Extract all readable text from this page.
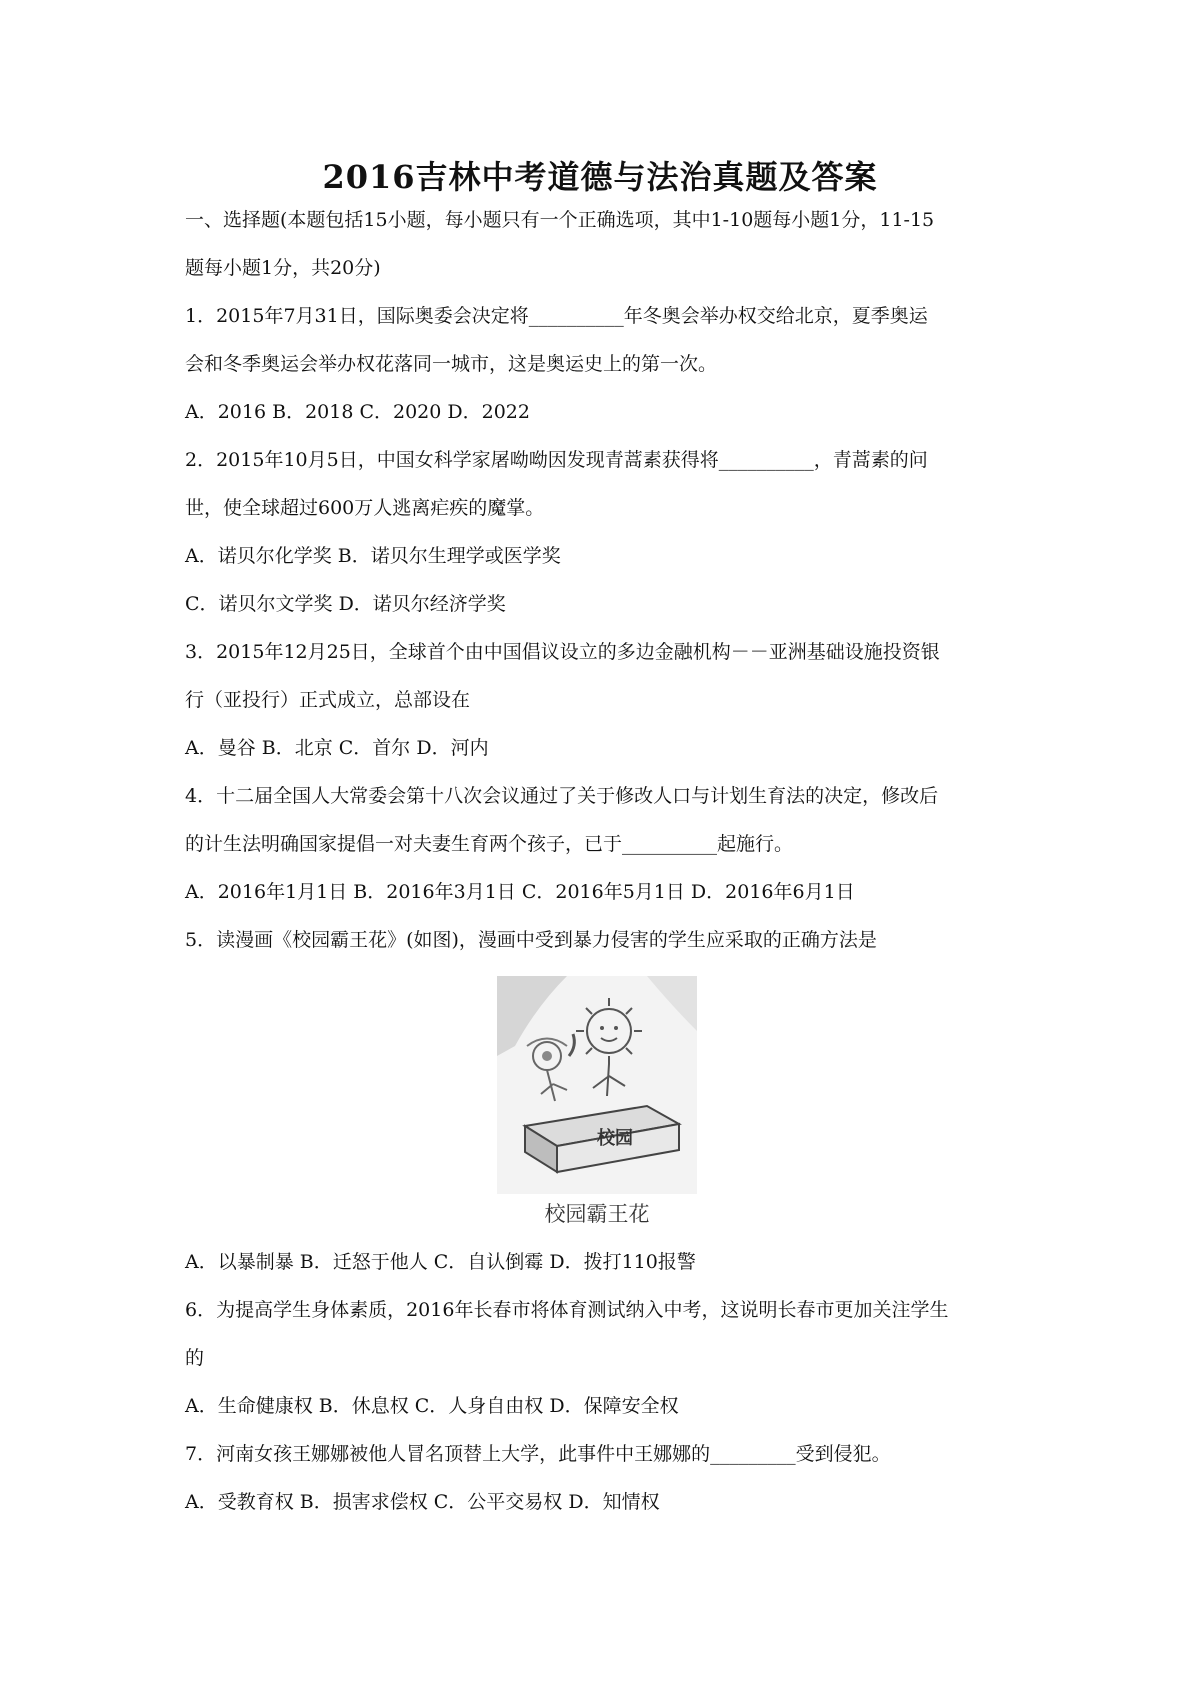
2016吉林中考道德与法治真题及答案

一、选择题(本题包括15小题，每小题只有一个正确选项，其中1-10题每小题1分，11-15

题每小题1分，共20分)

1．2015年7月31日，国际奥委会决定将__________年冬奥会举办权交给北京，夏季奥运

会和冬季奥运会举办权花落同一城市，这是奥运史上的第一次。

A．2016 B．2018 C．2020 D．2022

2．2015年10月5日，中国女科学家屠呦呦因发现青蒿素获得将__________，青蒿素的问

世，使全球超过600万人逃离疟疾的魔掌。

A．诺贝尔化学奖 B．诺贝尔生理学或医学奖

C．诺贝尔文学奖 D．诺贝尔经济学奖

3．2015年12月25日，全球首个由中国倡议设立的多边金融机构－－亚洲基础设施投资银

行（亚投行）正式成立，总部设在

A．曼谷 B．北京 C．首尔 D．河内

4．十二届全国人大常委会第十八次会议通过了关于修改人口与计划生育法的决定，修改后

的计生法明确国家提倡一对夫妻生育两个孩子，已于__________起施行。

A．2016年1月1日 B．2016年3月1日 C．2016年5月1日 D．2016年6月1日

5．读漫画《校园霸王花》(如图)，漫画中受到暴力侵害的学生应采取的正确方法是

校园
校园霸王花

A．以暴制暴 B．迁怒于他人 C．自认倒霉 D．拨打110报警

6．为提高学生身体素质，2016年长春市将体育测试纳入中考，这说明长春市更加关注学生

的

A．生命健康权 B．休息权 C．人身自由权 D．保障安全权

7．河南女孩王娜娜被他人冒名顶替上大学，此事件中王娜娜的_________受到侵犯。

A．受教育权 B．损害求偿权 C．公平交易权 D．知情权
